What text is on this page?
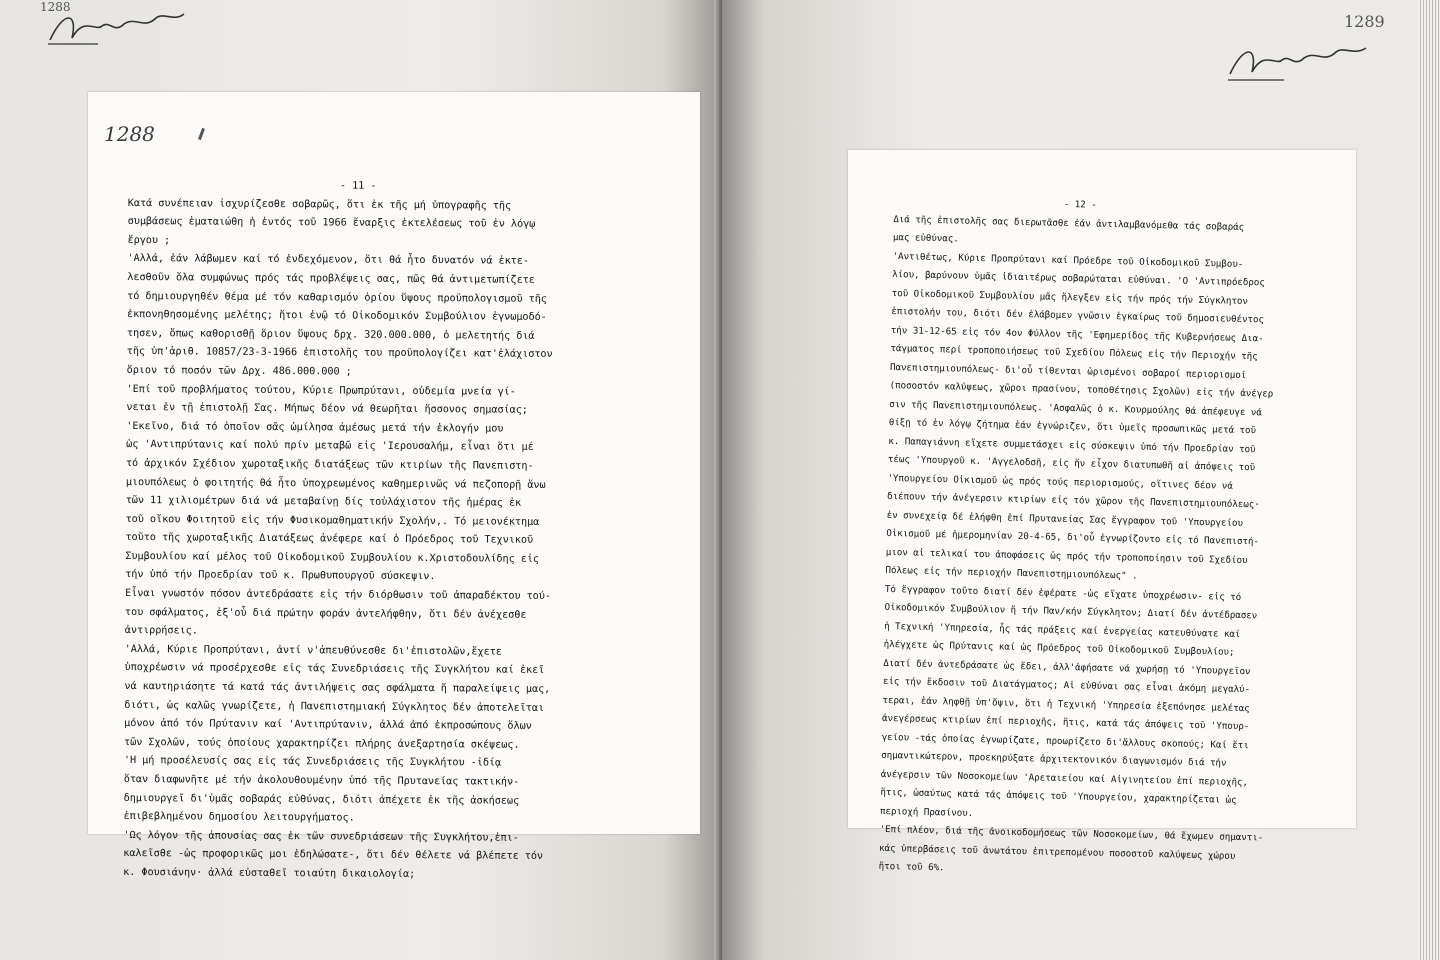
1288
1288
- 11 -
Κατά συνέπειαν ἰσχυρίζεσθε σοβαρῶς, ὅτι ἐκ τῆς μή ὑπογραφῆς τῆς
συμβάσεως ἐματαιώθη ἡ ἐντός τοῦ 1966 ἔναρξις ἐκτελέσεως τοῦ ἐν λόγῳ
ἔργου ;
'Αλλά, ἐάν λάβωμεν καί τό ἐνδεχόμενον, ὅτι θά ἦτο δυνατόν νά ἐκτε-
λεσθοῦν ὅλα συμφώνως πρός τάς προβλέψεις σας, πῶς θά ἀντιμετωπίζετε
τό δημιουργηθέν θέμα μέ τόν καθαρισμόν ὁρίου ὕψους προϋπολογισμοῦ τῆς
ἐκπονηθησομένης μελέτης; ἤτοι ἐνῷ τό Οἰκοδομικόν Συμβούλιον ἐγνωμοδό-
τησεν, ὅπως καθορισθῇ ὅριον ὕψους δρχ. 320.000.000, ὁ μελετητής διά
τῆς ὑπ'ἀριθ. 10857/23-3-1966 ἐπιστολῆς του προϋπολογίζει κατ'ἐλάχιστον
ὅριον τό ποσόν τῶν Δρχ. 486.000.000 ;
'Επί τοῦ προβλήματος τούτου, Κύριε Πρωπρύτανι, οὐδεμία μνεία γί-
νεται ἐν τῇ ἐπιστολῇ Σας. Μήπως δέον νά θεωρῆται ἥσσονος σημασίας;
'Εκεῖνο, διά τό ὁποῖον σᾶς ὡμίλησα ἀμέσως μετά τήν ἐκλογήν μου
ὡς 'Αντιπρύτανις καί πολύ πρίν μεταβῶ εἰς 'Ιερουσαλήμ, εἶναι ὅτι μέ
τό ἀρχικόν Σχέδιον χωροταξικῆς διατάξεως τῶν κτιρίων τῆς Πανεπιστη-
μιουπόλεως ὁ φοιτητής θά ἦτο ὑποχρεωμένος καθημερινῶς νά πεζοπορῇ ἄνω
τῶν 11 χιλιομέτρων διά νά μεταβαίνῃ δίς τοὐλάχιστον τῆς ἡμέρας ἐκ
τοῦ οἴκου Φοιτητοῦ εἰς τήν Φυσικομαθηματικήν Σχολήν,. Τό μειονέκτημα
τοῦτο τῆς χωροταξικῆς Διατάξεως ἀνέφερε καί ὁ Πρόεδρος τοῦ Τεχνικοῦ
Συμβουλίου καί μέλος τοῦ Οἰκοδομικοῦ Συμβουλίου κ.Χριστοδουλίδης εἰς
τήν ὑπό τήν Προεδρίαν τοῦ κ. Πρωθυπουργοῦ σύσκεψιν.
Εἶναι γνωστόν πόσον ἀντεδράσατε εἰς τήν διόρθωσιν τοῦ ἀπαραδέκτου τού-
του σφάλματος, ἐξ'οὗ διά πρώτην φοράν ἀντελήφθην, ὅτι δέν ἀνέχεσθε
ἀντιρρήσεις.
'Αλλά, Κύριε Προπρύτανι, ἀντί ν'ἀπευθύνεσθε δι'ἐπιστολῶν,ἔχετε
ὑποχρέωσιν νά προσέρχεσθε εἰς τάς Συνεδριάσεις τῆς Συγκλήτου καί ἐκεῖ
νά καυτηριάσητε τά κατά τάς ἀντιλήψεις σας σφάλματα ἤ παραλείψεις μας,
διότι, ὡς καλῶς γνωρίζετε, ἡ Πανεπιστημιακή Σύγκλητος δέν ἀποτελεῖται
μόνον ἀπό τόν Πρύτανιν καί 'Αντιπρύτανιν, ἀλλά ἀπό ἐκπροσώπους ὅλων
τῶν Σχολῶν, τούς ὁποίους χαρακτηρίζει πλήρης ἀνεξαρτησία σκέψεως.
'Η μή προσέλευσίς σας εἰς τάς Συνεδριάσεις τῆς Συγκλήτου -ἰδίᾳ
ὅταν διαφωνῆτε μέ τήν ἀκολουθουμένην ὑπό τῆς Πρυτανείας τακτικήν-
δημιουργεῖ δι'ὑμᾶς σοβαράς εὐθύνας, διότι ἀπέχετε ἐκ τῆς ἀσκήσεως
ἐπιβεβλημένου δημοσίου λειτουργήματος.
'Ως λόγον τῆς ἀπουσίας σας ἐκ τῶν συνεδριάσεων τῆς Συγκλήτου,ἐπι-
καλεῖσθε -ὡς προφορικῶς μοι ἐδηλώσατε-, ὅτι δέν θέλετε νά βλέπετε τόν
κ. Φουσιάνην· ἀλλά εὐσταθεῖ τοιαύτη δικαιολογία;
1289
- 12 -
Διά τῆς ἐπιστολῆς σας διερωτᾶσθε ἐάν ἀντιλαμβανόμεθα τάς σοβαράς
μας εὐθύνας.
'Αντιθέτως, Κύριε Προπρύτανι καί Πρόεδρε τοῦ Οἰκοδομικοῦ Συμβου-
λίου, βαρύνουν ὑμᾶς ἰδιαιτέρως σοβαρώταται εὐθύναι. 'Ο 'Αντιπρόεδρος
τοῦ Οἰκοδομικοῦ Συμβουλίου μᾶς ἤλεγξεν εἰς τήν πρός τήν Σύγκλητον
ἐπιστολήν του, διότι δέν ἐλάβομεν γνῶσιν ἐγκαίρως τοῦ δημοσιευθέντος
τήν 31-12-65 εἰς τόν 4ον Φύλλον τῆς 'Εφημερίδος τῆς Κυβερνήσεως Δια-
τάγματος περί τροποποιήσεως τοῦ Σχεδίου Πόλεως εἰς τήν Περιοχήν τῆς
Πανεπιστημιουπόλεως- δι'οὗ τίθενται ὡρισμένοι σοβαροί περιορισμοί
(ποσοστόν καλύψεως, χῶροι πρασίνου, τοποθέτησις Σχολῶν) εἰς τήν ἀνέγερ
σιν τῆς Πανεπιστημιουπόλεως. 'Ασφαλῶς ὁ κ. Κουρμούλης θά ἀπέφευγε νά
θίξῃ τό ἐν λόγῳ ζήτημα ἐάν ἐγνώριζεν, ὅτι ὑμεῖς προσωπικῶς μετά τοῦ
κ. Παπαγιάννη εἴχετε συμμετάσχει εἰς σύσκεψιν ὑπό τήν Προεδρίαν τοῦ
τέως 'Υπουργοῦ κ. 'Αγγελοδσῆ, εἰς ἥν εἶχον διατυπωθῆ αἱ ἀπόψεις τοῦ
'Υπουργείου Οἰκισμοῦ ὡς πρός τούς περιορισμούς, οἵτινες δέον νά
διέπουν τήν ἀνέγερσιν κτιρίων εἰς τόν χῶρον τῆς Πανεπιστημιουπόλεως·
ἐν συνεχείᾳ δέ ἐλήφθη ἐπί Πρυτανείας Σας ἔγγραφον τοῦ 'Υπουργείου
Οἰκισμοῦ μέ ἡμερομηνίαν 20-4-65, δι'οὗ ἐγνωρίζοντο εἰς τό Πανεπιστή-
μιον αἱ τελικαί του ἀποφάσεις ὡς πρός τήν τροποποίησιν τοῦ Σχεδίου
Πόλεως εἰς τήν περιοχήν Πανεπιστημιουπόλεως" .
Τό ἔγγραφον τοῦτο διατί δέν ἐφέρατε -ὡς εἴχατε ὑποχρέωσιν- εἰς τό
Οἰκοδομικόν Συμβούλιον ἤ τήν Παν/κήν Σύγκλητον; Διατί δέν ἀντέδρασεν
ἡ Τεχνική 'Υπηρεσία, ἧς τάς πράξεις καί ἐνεργείας κατευθύνατε καί
ἠλέγχετε ὡς Πρύτανις καί ὡς Πρόεδρος τοῦ Οἰκοδομικοῦ Συμβουλίου;
Διατί δέν ἀντεδράσατε ὡς ἔδει, ἀλλ'ἀφήσατε νά χωρήσῃ τό 'Υπουργεῖον
εἰς τήν ἔκδοσιν τοῦ Διατάγματος; Αἱ εὐθύναι σας εἶναι ἀκόμη μεγαλύ-
τεραι, ἐάν ληφθῇ ὑπ'ὄψιν, ὅτι ἡ Τεχνική 'Υπηρεσία ἐξεπόνησε μελέτας
ἀνεγέρσεως κτιρίων ἐπί περιοχῆς, ἥτις, κατά τάς ἀπόψεις τοῦ 'Υπουρ-
γείου -τάς ὁποίας ἐγνωρίζατε, προωρίζετο δι'ἄλλους σκοπούς; Καί ἔτι
σημαντικώτερον, προεκηρύξατε ἀρχιτεκτονικόν διαγωνισμόν διά τήν
ἀνέγερσιν τῶν Νοσοκομείων 'Αρεταιείου καί Αἰγινητείου ἐπί περιοχῆς,
ἥτις, ὡσαύτως κατά τάς ἀπόψεις τοῦ 'Υπουργείου, χαρακτηρίζεται ὡς
περιοχή Πρασίνου.
'Επί πλέον, διά τῆς ἀνοικοδομήσεως τῶν Νοσοκομείων, θά ἔχωμεν σημαντι-
κάς ὑπερβάσεις τοῦ ἀνωτάτου ἐπιτρεπομένου ποσοστοῦ καλύψεως χώρου
ἤτοι τοῦ 6%.
